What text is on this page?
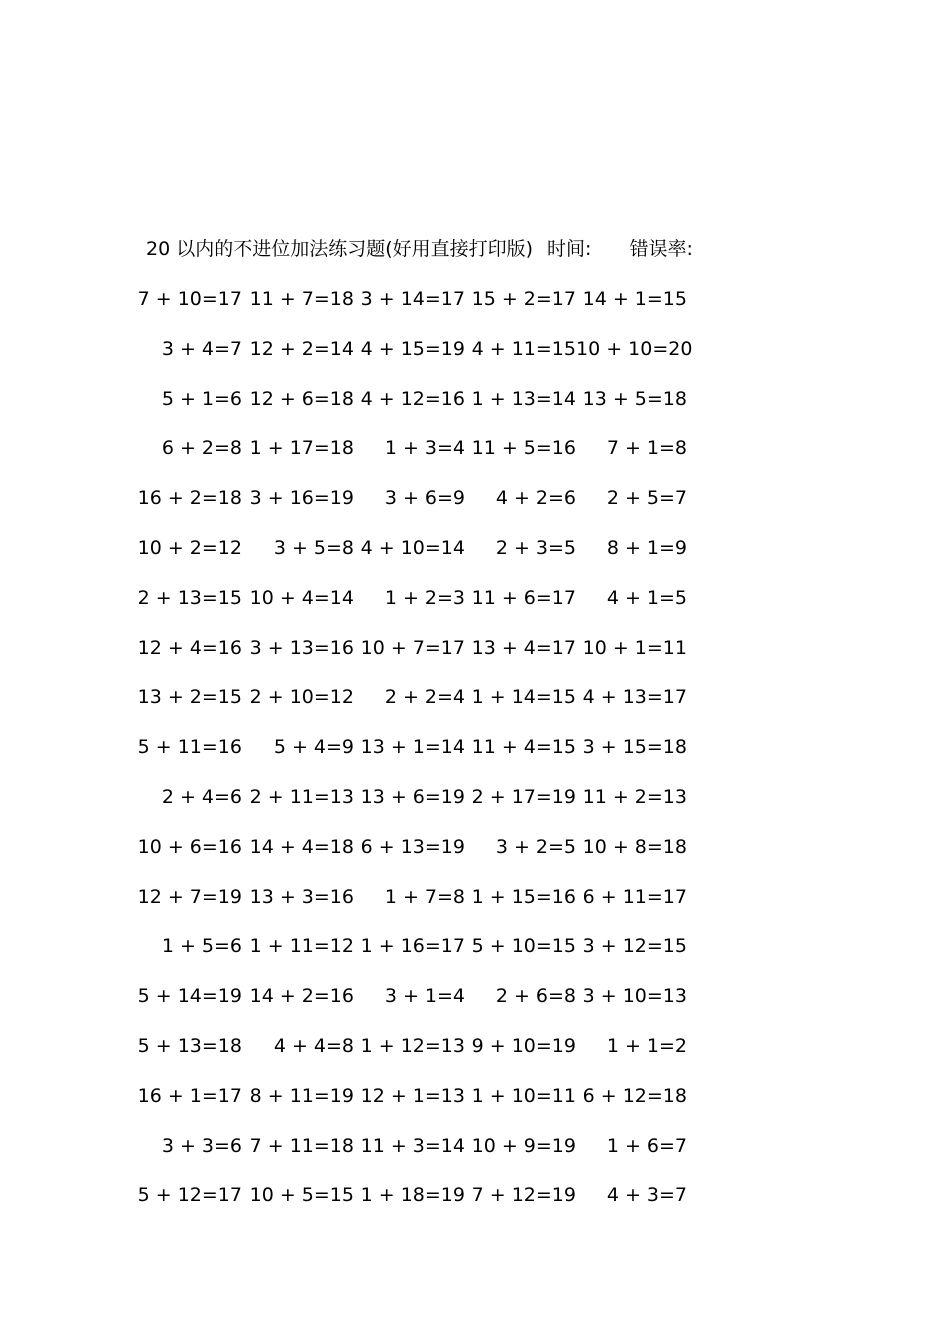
20 以内的不进位加法练习题(好用直接打印版) 时间: 错误率:
7 + 10=17 11 + 7=18 3 + 14=17 15 + 2=17 14 + 1=15
3 + 4=7 12 + 2=14 4 + 15=19 4 + 11=15 10 + 10=20
5 + 1=6 12 + 6=18 4 + 12=16 1 + 13=14 13 + 5=18
6 + 2=8 1 + 17=18	1 + 3=4 11 + 5=16	7 + 1=8
16 + 2=18 3 + 16=19	3 + 6=9	4 + 2=6	2 + 5=7
10 + 2=12	3 + 5=8 4 + 10=14	2 + 3=5	8 + 1=9
2 + 13=15 10 + 4=14	1 + 2=3 11 + 6=17	4 + 1=5
12 + 4=16 3 + 13=16 10 + 7=17 13 + 4=17 10 + 1=11
13 + 2=15 2 + 10=12	2 + 2=4 1 + 14=15 4 + 13=17
5 + 11=16	5 + 4=9 13 + 1=14 11 + 4=15 3 + 15=18
2 + 4=6 2 + 11=13 13 + 6=19 2 + 17=19 11 + 2=13
10 + 6=16 14 + 4=18 6 + 13=19	3 + 2=5 10 + 8=18
12 + 7=19 13 + 3=16	1 + 7=8 1 + 15=16 6 + 11=17
1 + 5=6 1 + 11=12 1 + 16=17 5 + 10=15 3 + 12=15
5 + 14=19 14 + 2=16	3 + 1=4	2 + 6=8 3 + 10=13
5 + 13=18	4 + 4=8 1 + 12=13 9 + 10=19	1 + 1=2
16 + 1=17 8 + 11=19 12 + 1=13 1 + 10=11 6 + 12=18
3 + 3=6 7 + 11=18 11 + 3=14 10 + 9=19	1 + 6=7
5 + 12=17 10 + 5=15 1 + 18=19 7 + 12=19	4 + 3=7
